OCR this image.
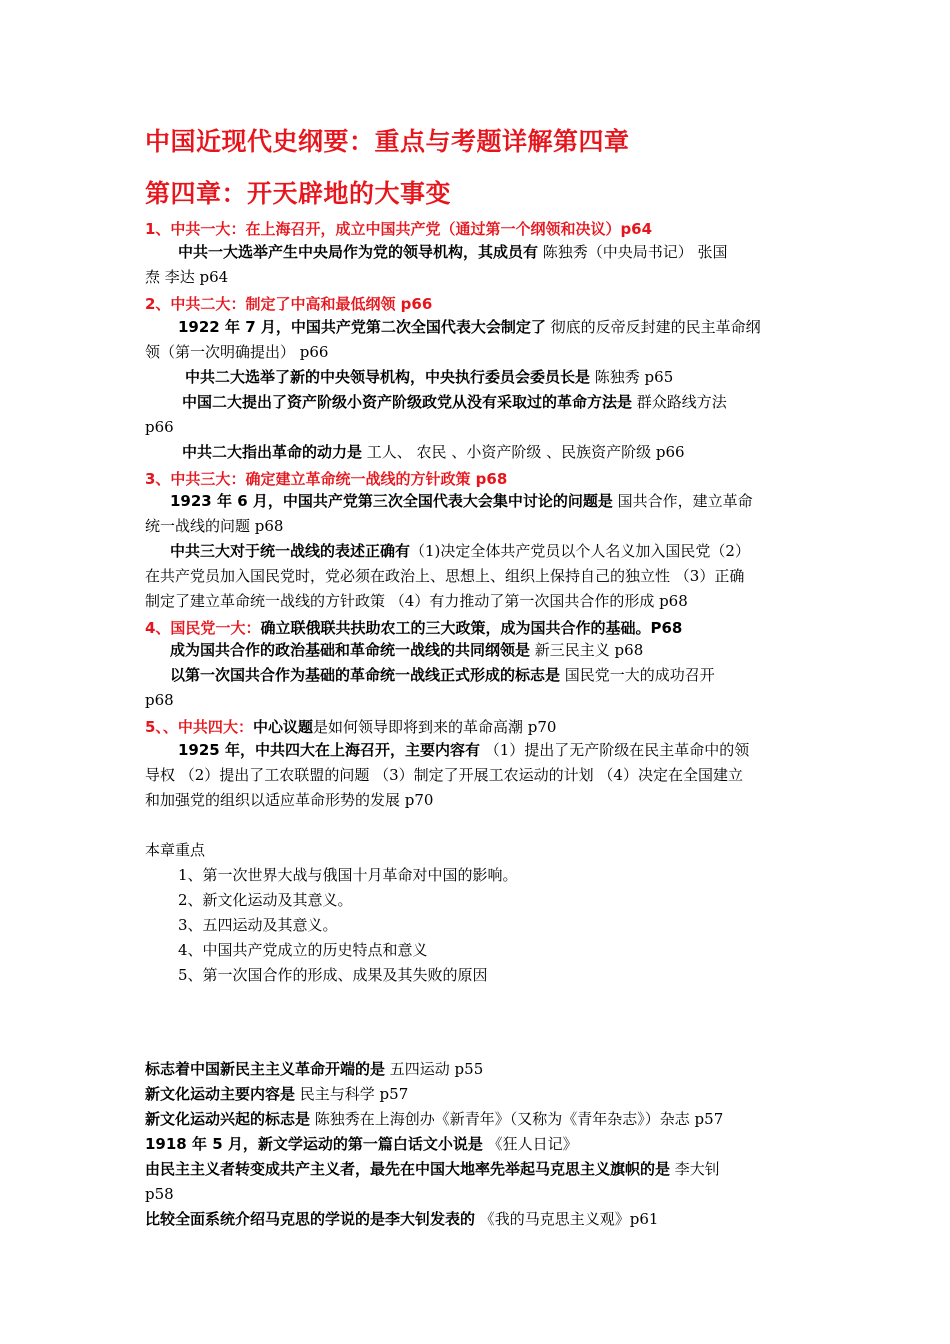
中国近现代史纲要：重点与考题详解第四章
第四章：开天辟地的大事变
1、中共一大：在上海召开，成立中国共产党（通过第一个纲领和决议）p64
中共一大选举产生中央局作为党的领导机构，其成员有 陈独秀（中央局书记） 张国
焘 李达 p64
2、中共二大：制定了中高和最低纲领 p66
1922 年 7 月，中国共产党第二次全国代表大会制定了 彻底的反帝反封建的民主革命纲
领（第一次明确提出） p66
中共二大选举了新的中央领导机构，中央执行委员会委员长是 陈独秀 p65
中国二大提出了资产阶级小资产阶级政党从没有采取过的革命方法是 群众路线方法
p66
中共二大指出革命的动力是 工人、 农民 、小资产阶级 、民族资产阶级 p66
3、中共三大：确定建立革命统一战线的方针政策 p68
1923 年 6 月，中国共产党第三次全国代表大会集中讨论的问题是 国共合作，建立革命
统一战线的问题 p68
中共三大对于统一战线的表述正确有（1)决定全体共产党员以个人名义加入国民党（2）
在共产党员加入国民党时，党必须在政治上、思想上、组织上保持自己的独立性 （3）正确
制定了建立革命统一战线的方针政策 （4）有力推动了第一次国共合作的形成 p68
4、国民党一大：确立联俄联共扶助农工的三大政策，成为国共合作的基础。P68
成为国共合作的政治基础和革命统一战线的共同纲领是 新三民主义 p68
以第一次国共合作为基础的革命统一战线正式形成的标志是 国民党一大的成功召开
p68
5、、中共四大：中心议题是如何领导即将到来的革命高潮 p70
1925 年，中共四大在上海召开，主要内容有 （1）提出了无产阶级在民主革命中的领
导权 （2）提出了工农联盟的问题 （3）制定了开展工农运动的计划 （4）决定在全国建立
和加强党的组织以适应革命形势的发展 p70
本章重点
1、第一次世界大战与俄国十月革命对中国的影响。
2、新文化运动及其意义。
3、五四运动及其意义。
4、中国共产党成立的历史特点和意义
5、第一次国合作的形成、成果及其失败的原因
标志着中国新民主主义革命开端的是 五四运动 p55
新文化运动主要内容是 民主与科学 p57
新文化运动兴起的标志是 陈独秀在上海创办《新青年》（又称为《青年杂志》）杂志 p57
1918 年 5 月，新文学运动的第一篇白话文小说是 《狂人日记》
由民主主义者转变成共产主义者，最先在中国大地率先举起马克思主义旗帜的是 李大钊
p58
比较全面系统介绍马克思的学说的是李大钊发表的 《我的马克思主义观》p61
